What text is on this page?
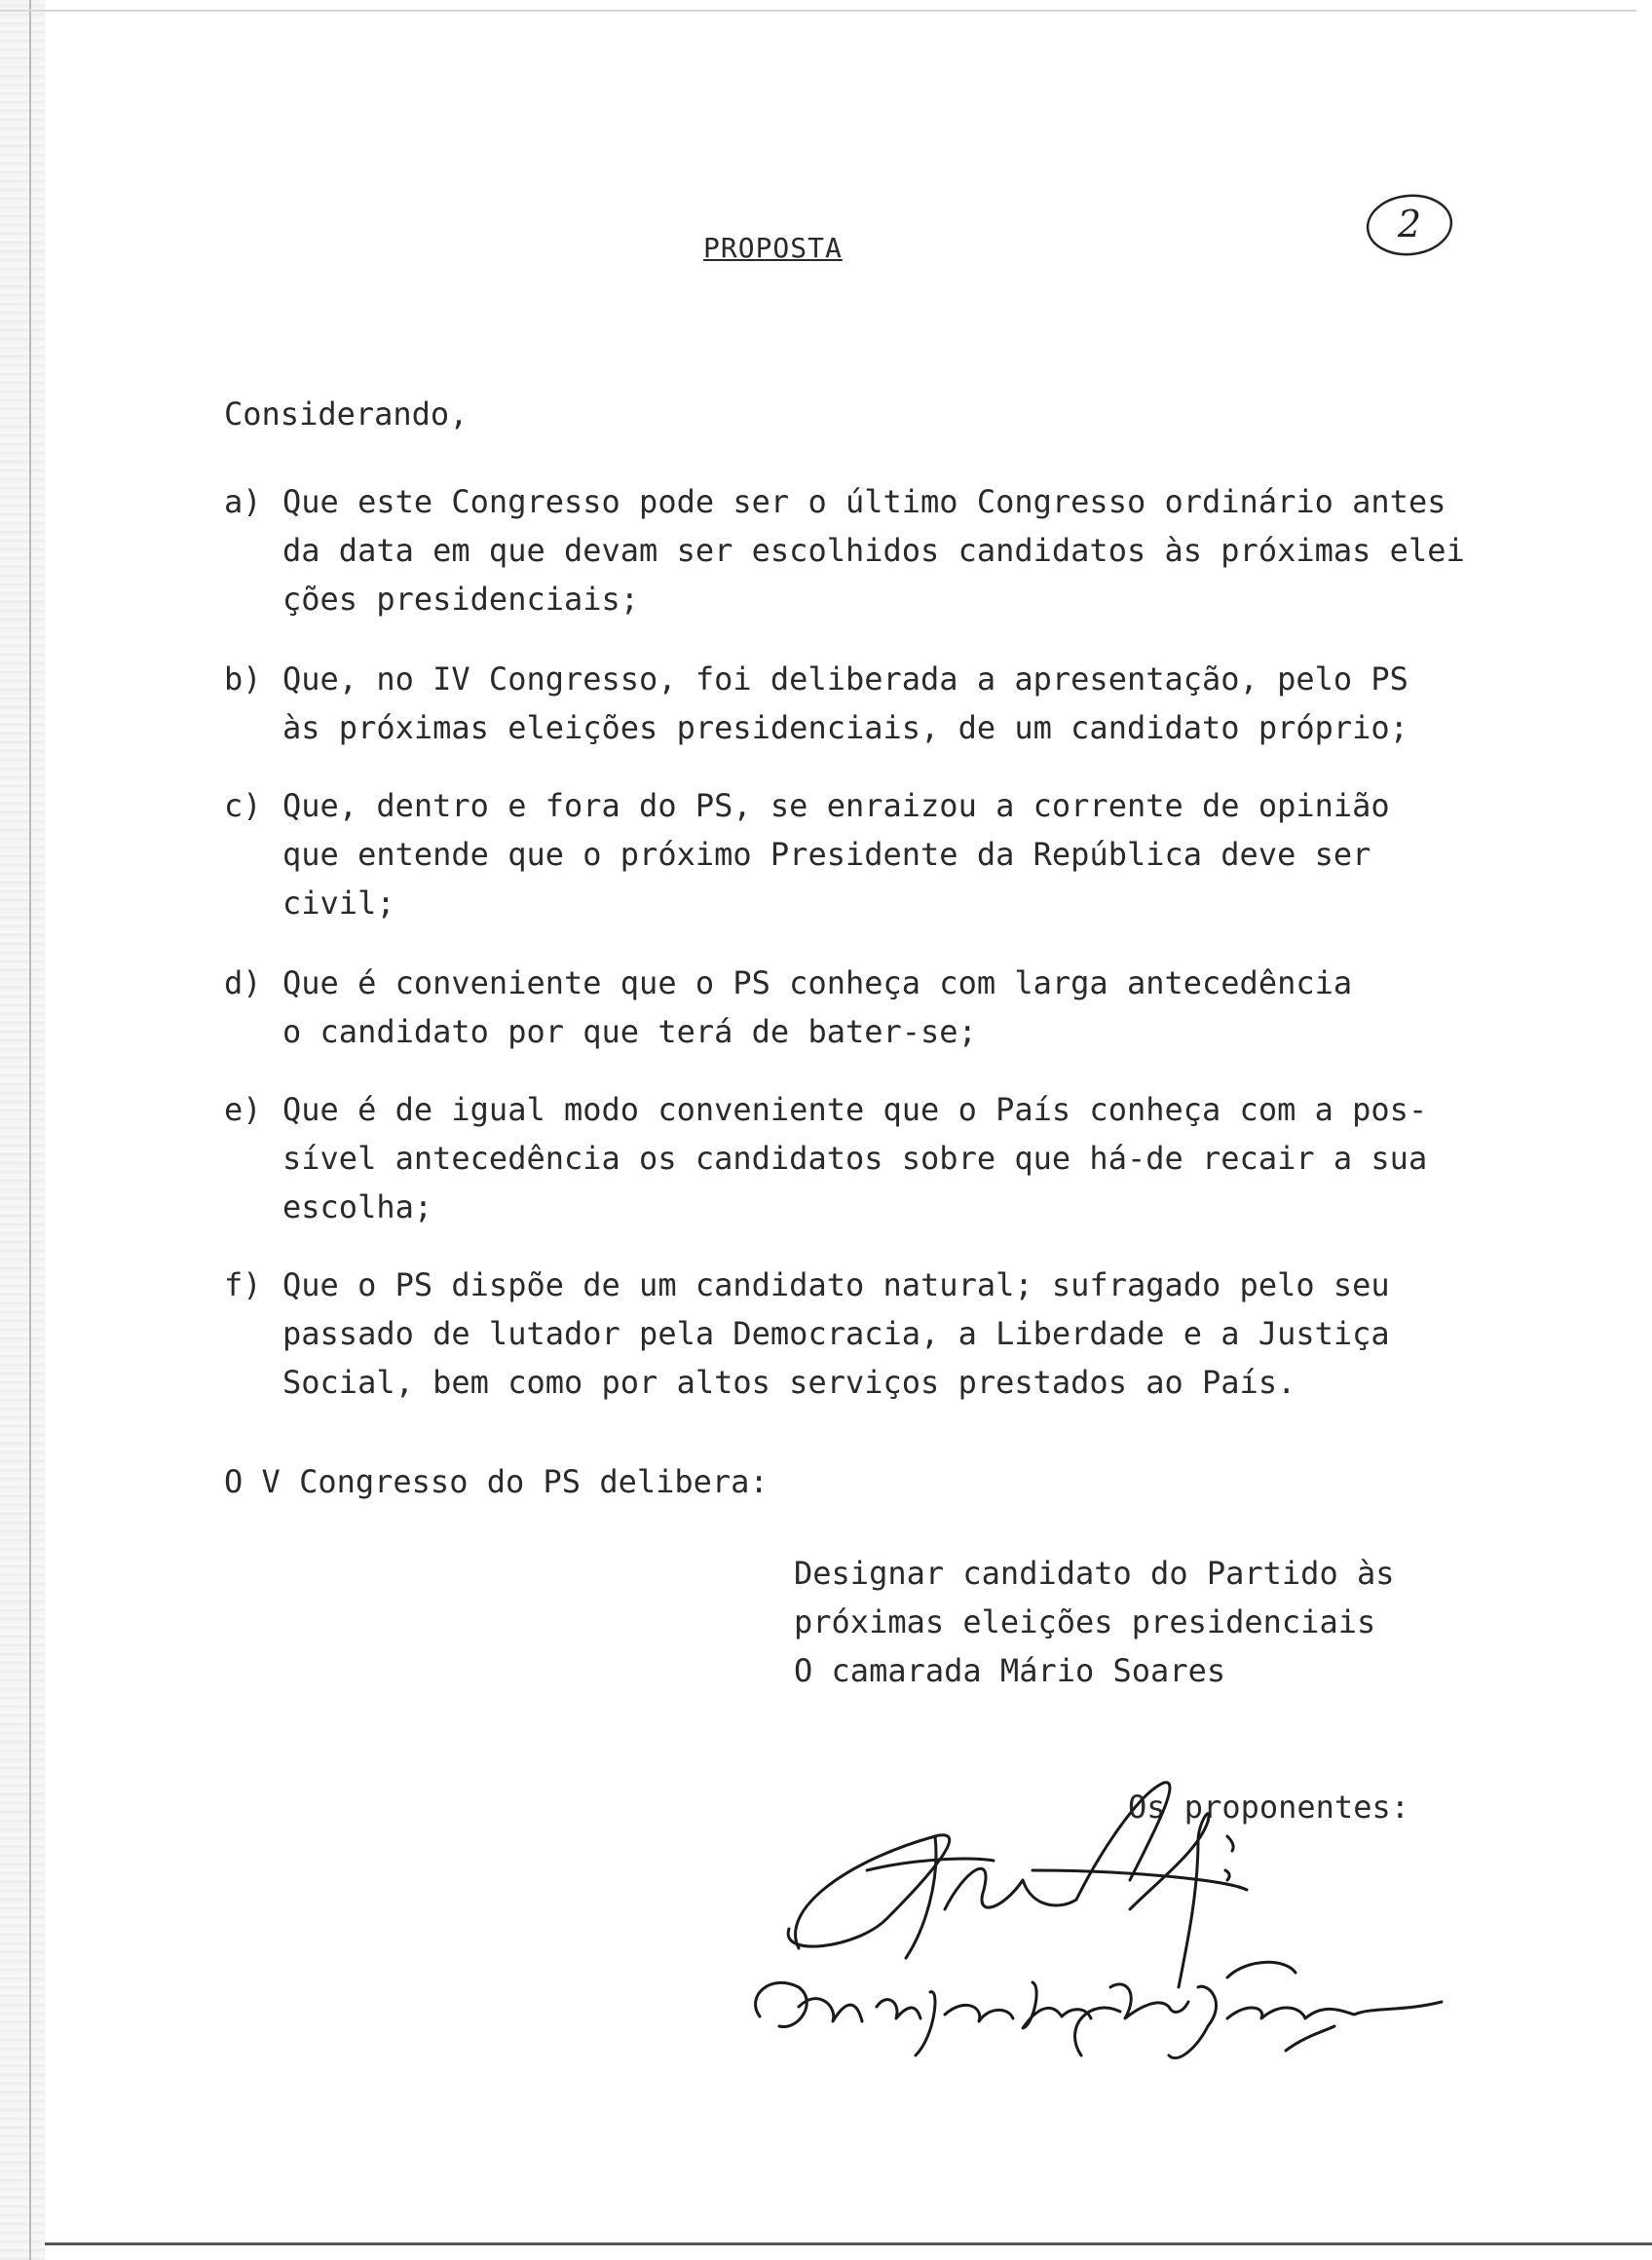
2
PROPOSTA
Considerando,
a) Que este Congresso pode ser o último Congresso ordinário antes
da data em que devam ser escolhidos candidatos às próximas elei
ções presidenciais;
b) Que, no IV Congresso, foi deliberada a apresentação, pelo PS
às próximas eleições presidenciais, de um candidato próprio;
c) Que, dentro e fora do PS, se enraizou a corrente de opinião
que entende que o próximo Presidente da República deve ser
civil;
d) Que é conveniente que o PS conheça com larga antecedência
o candidato por que terá de bater-se;
e) Que é de igual modo conveniente que o País conheça com a pos-
sível antecedência os candidatos sobre que há-de recair a sua
escolha;
f) Que o PS dispõe de um candidato natural; sufragado pelo seu
passado de lutador pela Democracia, a Liberdade e a Justiça
Social, bem como por altos serviços prestados ao País.
O V Congresso do PS delibera:
Designar candidato do Partido às
próximas eleições presidenciais
O camarada Mário Soares
Os proponentes:
